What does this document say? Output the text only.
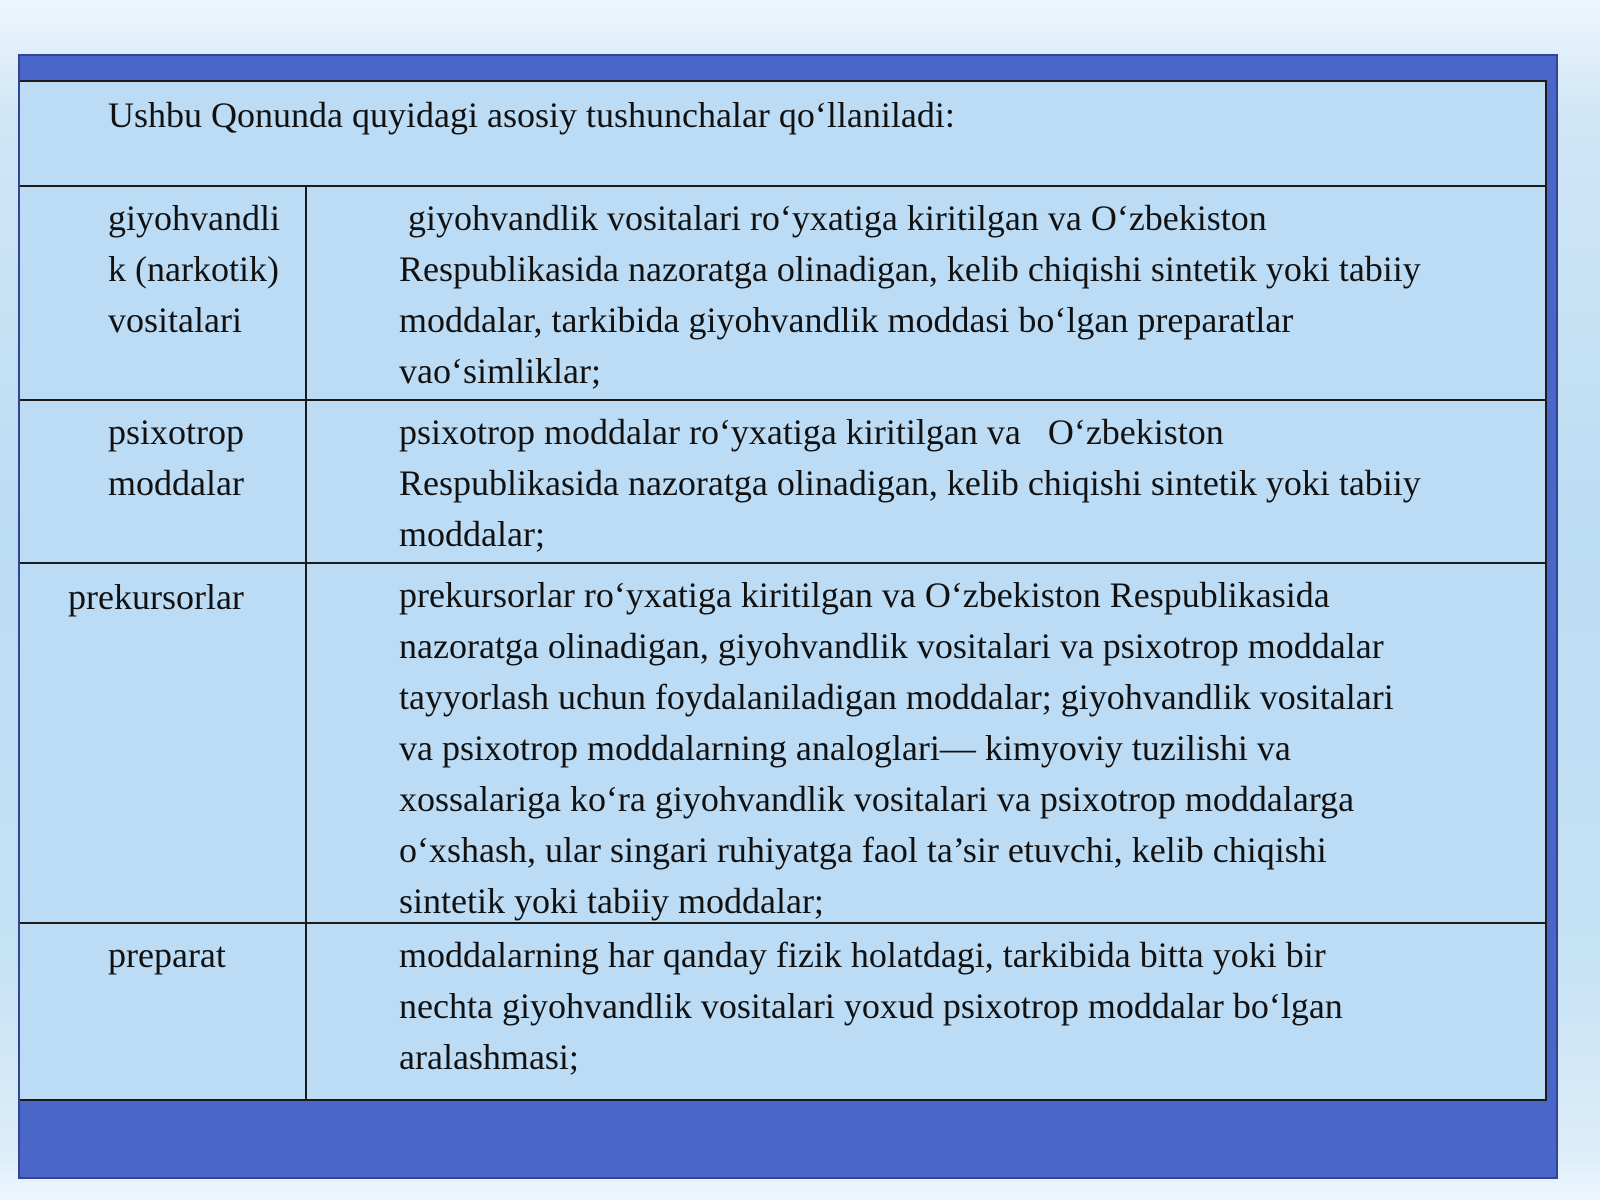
Ushbu Qonunda quyidagi asosiy tushunchalar qo‘llaniladi:
giyohvandli
k (narkotik)
vositalari
giyohvandlik vositalari ro‘yxatiga kiritilgan va O‘zbekiston
Respublikasida nazoratga olinadigan, kelib chiqishi sintetik yoki tabiiy
moddalar, tarkibida giyohvandlik moddasi bo‘lgan preparatlar
vao‘simliklar;
psixotrop
moddalar
psixotrop moddalar ro‘yxatiga kiritilgan va   O‘zbekiston
Respublikasida nazoratga olinadigan, kelib chiqishi sintetik yoki tabiiy
moddalar;
prekursorlar	prekursorlar ro‘yxatiga kiritilgan va O‘zbekiston Respublikasida
nazoratga olinadigan, giyohvandlik vositalari va psixotrop moddalar
tayyorlash uchun foydalaniladigan moddalar; giyohvandlik vositalari
va psixotrop moddalarning analoglari— kimyoviy tuzilishi va
xossalariga ko‘ra giyohvandlik vositalari va psixotrop moddalarga
o‘xshash, ular singari ruhiyatga faol ta’sir etuvchi, kelib chiqishi
sintetik yoki tabiiy moddalar;
preparat	moddalarning har qanday fizik holatdagi, tarkibida bitta yoki bir
nechta giyohvandlik vositalari yoxud psixotrop moddalar bo‘lgan
aralashmasi;
